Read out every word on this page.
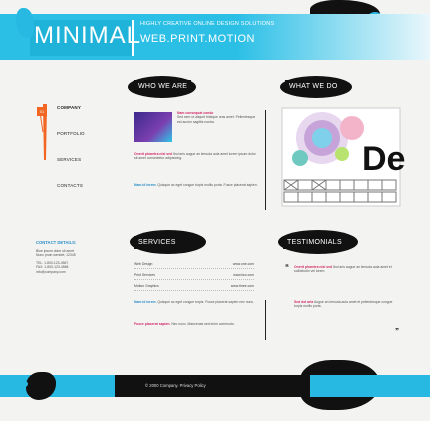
MINIMAL
HIGHLY CREATIVE ONLINE DESIGN SOLUTIONS
WEB.PRINT.MOTION
WHO WE ARE	WHAT WE DO
01
COMPANY
PORTFOLIO
SERVICES
CONTACTS
Nam consequat condo
Sed sem ut aliquet tristique cras amet. Pellentesque est auctor sagittis nostra.
Onerit pharetra nisl sed Ibul aris augue an lemuda aula amet lorem ipsum dolor sit amet consectetur adipisicing.
Nam id lorem. Quisque ac eget congue turpis mollis porta. Fusce placerat sapien.
De
SERVICES	TESTIMONIALS
CONTACT DETAILS:
Blue ipsum dolor sit amet
Nunc proin wendet, 12345
TEL: 1-800-123-4567
FAX: 1-800-123-4568
info@company.com
Web Design	www.one.com
Print Services	www.two.com
Motion Graphics	www.three.com
Nam id lorem. Quisque ac eget congue turpis. Fusce placerat sapien nec nunc.
Fusce placerat sapien. Nec nunc. Maecenas sed enim commodo.
“ Onerit pharetra nisl sed Ibul aris augue an lemuda aula amet et sollicitudin vel lorem.
Sed dol aria Augue an lemuda aula amet et pellentesque congue turpis mollis porta.
”
© 2000 Company. Privacy Policy
